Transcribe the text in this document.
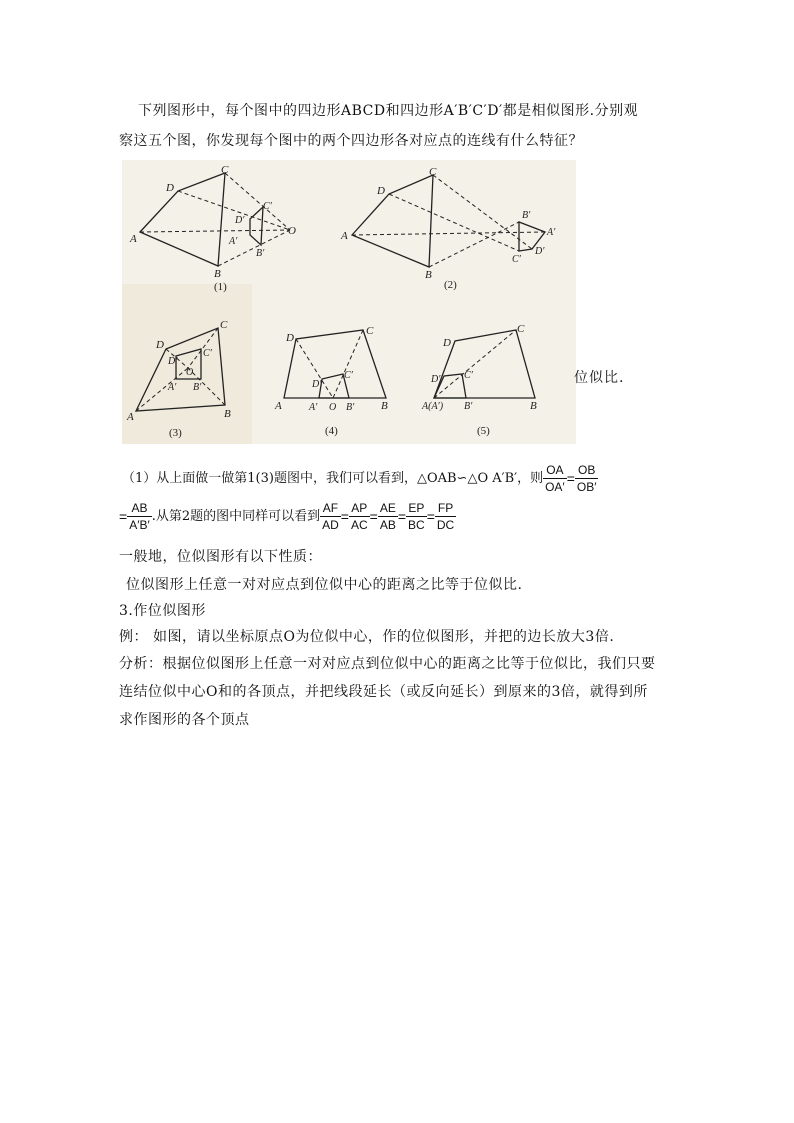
下列图形中，每个图中的四边形ABCD和四边形A′B′C′D′都是相似图形.分别观
察这五个图，你发现每个图中的两个四边形各对应点的连线有什么特征？
D
C
A
B
D′
C′
A′
B′
O
(1)
D
C
A
B
B′
A′
D′
C′
(2)
D
C
A	B
D′
C′
O
A′ B′
(3)
D
C
A	B
D′
C′
A′ O B′
(4)
D
C
D′ C′
A(A′) B′	B
(5)
位似比.
（1）从上面做一做第1(3)题图中，我们可以看到，△OAB∽△O A′B′，则 $\frac{OA}{OA'} = \frac{OB}{OB'}$
= $\frac{AB}{A'B'}$ .从第2题的图中同样可以看到 $\frac{AF}{AD} = \frac{AP}{AC} = \frac{AE}{AB} = \frac{EP}{BC} = \frac{FP}{DC}$
一般地，位似图形有以下性质：
位似图形上任意一对对应点到位似中心的距离之比等于位似比.
3.作位似图形
例： 如图，请以坐标原点O为位似中心，作的位似图形，并把的边长放大3倍.
分析：根据位似图形上任意一对对应点到位似中心的距离之比等于位似比，我们只要
连结位似中心O和的各顶点，并把线段延长（或反向延长）到原来的3倍，就得到所
求作图形的各个顶点
